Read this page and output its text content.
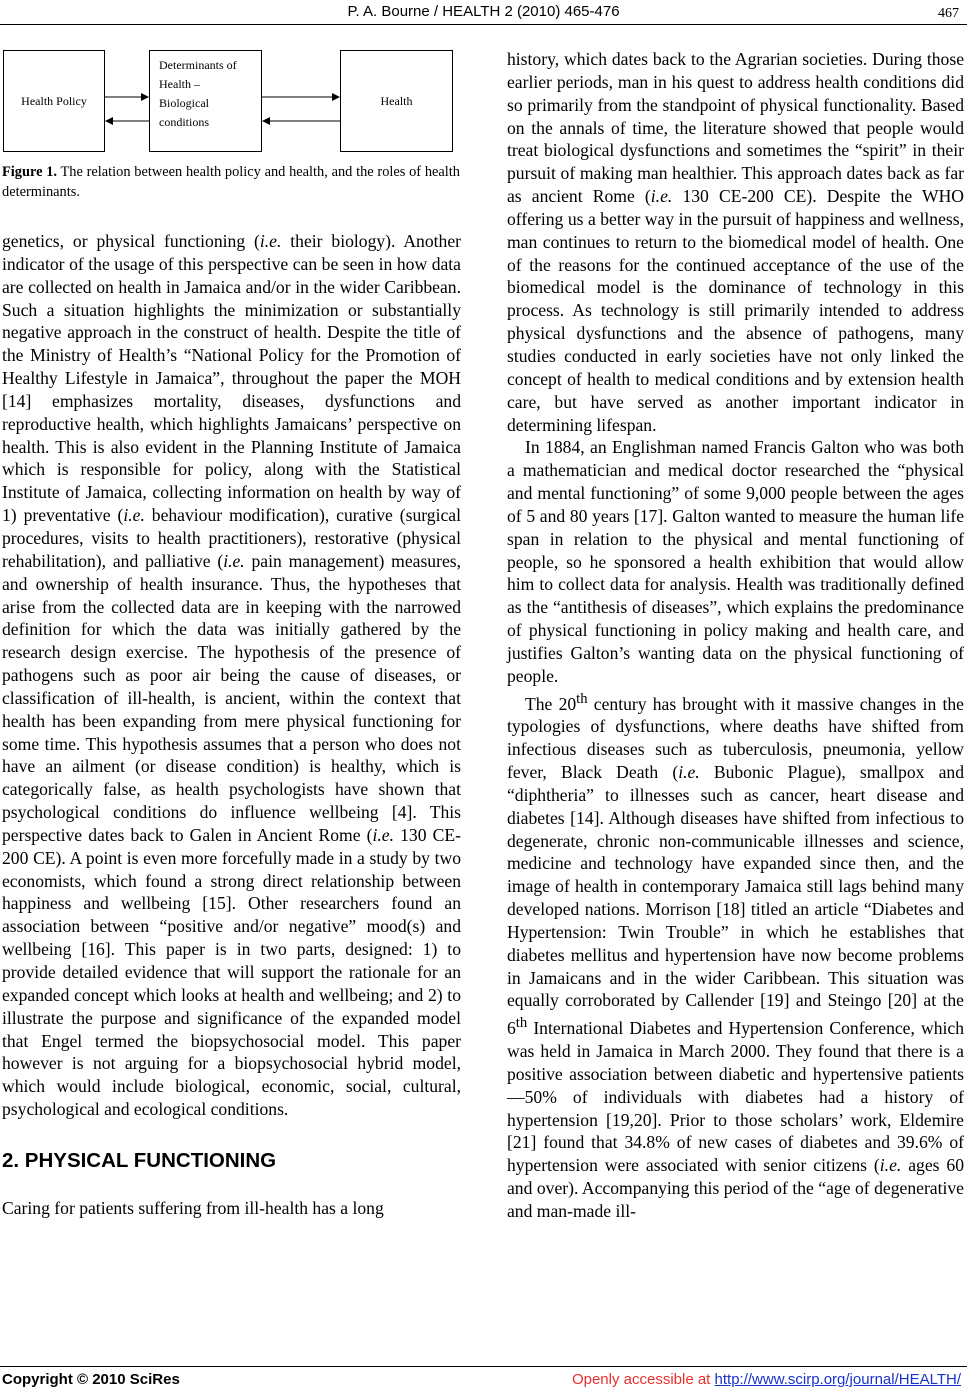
P. A. Bourne / HEALTH 2 (2010) 465-476	467
Health Policy
Determinants of
Health –
Biological
conditions
Health
Figure 1. The relation between health policy and health, and the roles of health determinants.

genetics, or physical functioning (i.e. their biology). Another indicator of the usage of this perspective can be seen in how data are collected on health in Jamaica and/or in the wider Caribbean. Such a situation highlights the minimization or substantially negative approach in the construct of health. Despite the title of the Ministry of Health’s “National Policy for the Promotion of Healthy Lifestyle in Jamaica”, throughout the paper the MOH [14] emphasizes mortality, diseases, dysfunctions and reproductive health, which highlights Jamaicans’ perspective on health. This is also evident in the Planning Institute of Jamaica which is responsible for policy, along with the Statistical Institute of Jamaica, collecting information on health by way of 1) preventative (i.e. behaviour modification), curative (surgical procedures, visits to health practitioners), restorative (physical rehabilitation), and palliative (i.e. pain management) measures, and ownership of health insurance. Thus, the hypotheses that arise from the collected data are in keeping with the narrowed definition for which the data was initially gathered by the research design exercise. The hypothesis of the presence of pathogens such as poor air being the cause of diseases, or classification of ill-health, is ancient, within the context that health has been expanding from mere physical functioning for some time. This hypothesis assumes that a person who does not have an ailment (or disease condition) is healthy, which is categorically false, as health psychologists have shown that psychological conditions do influence wellbeing [4]. This perspective dates back to Galen in Ancient Rome (i.e. 130 CE-200 CE). A point is even more forcefully made in a study by two economists, which found a strong direct relationship between happiness and wellbeing [15]. Other researchers found an association between “positive and/or negative” mood(s) and wellbeing [16]. This paper is in two parts, designed: 1) to provide detailed evidence that will support the rationale for an expanded concept which looks at health and wellbeing; and 2) to illustrate the purpose and significance of the expanded model that Engel termed the biopsychosocial model. This paper however is not arguing for a biopsychosocial hybrid model, which would include biological, economic, social, cultural, psychological and ecological conditions.

2. PHYSICAL FUNCTIONING

Caring for patients suffering from ill-health has a long

history, which dates back to the Agrarian societies. During those earlier periods, man in his quest to address health conditions did so primarily from the standpoint of physical functionality. Based on the annals of time, the literature showed that people would treat biological dysfunctions and sometimes the “spirit” in their pursuit of making man healthier. This approach dates back as far as ancient Rome (i.e. 130 CE-200 CE). Despite the WHO offering us a better way in the pursuit of happiness and wellness, man continues to return to the biomedical model of health. One of the reasons for the continued acceptance of the use of the biomedical model is the dominance of technology in this process. As technology is still primarily intended to address physical dysfunctions and the absence of pathogens, many studies conducted in early societies have not only linked the concept of health to medical conditions and by extension health care, but have served as another important indicator in determining lifespan.

In 1884, an Englishman named Francis Galton who was both a mathematician and medical doctor researched the “physical and mental functioning” of some 9,000 people between the ages of 5 and 80 years [17]. Galton wanted to measure the human life span in relation to the physical and mental functioning of people, so he sponsored a health exhibition that would allow him to collect data for analysis. Health was traditionally defined as the “antithesis of diseases”, which explains the predominance of physical functioning in policy making and health care, and justifies Galton’s wanting data on the physical functioning of people.

The 20th century has brought with it massive changes in the typologies of dysfunctions, where deaths have shifted from infectious diseases such as tuberculosis, pneumonia, yellow fever, Black Death (i.e. Bubonic Plague), smallpox and “diphtheria” to illnesses such as cancer, heart disease and diabetes [14]. Although diseases have shifted from infectious to degenerate, chronic non-communicable illnesses and science, medicine and technology have expanded since then, and the image of health in contemporary Jamaica still lags behind many developed nations. Morrison [18] titled an article “Diabetes and Hypertension: Twin Trouble” in which he establishes that diabetes mellitus and hypertension have now become problems in Jamaicans and in the wider Caribbean. This situation was equally corroborated by Callender [19] and Steingo [20] at the 6th International Diabetes and Hypertension Conference, which was held in Jamaica in March 2000. They found that there is a positive association between diabetic and hypertensive patients—50% of individuals with diabetes had a history of hypertension [19,20]. Prior to those scholars’ work, Eldemire [21] found that 34.8% of new cases of diabetes and 39.6% of hypertension were associated with senior citizens (i.e. ages 60 and over). Accompanying this period of the “age of degenerative and man-made ill-

Copyright © 2010 SciRes	Openly accessible at http://www.scirp.org/journal/HEALTH/
